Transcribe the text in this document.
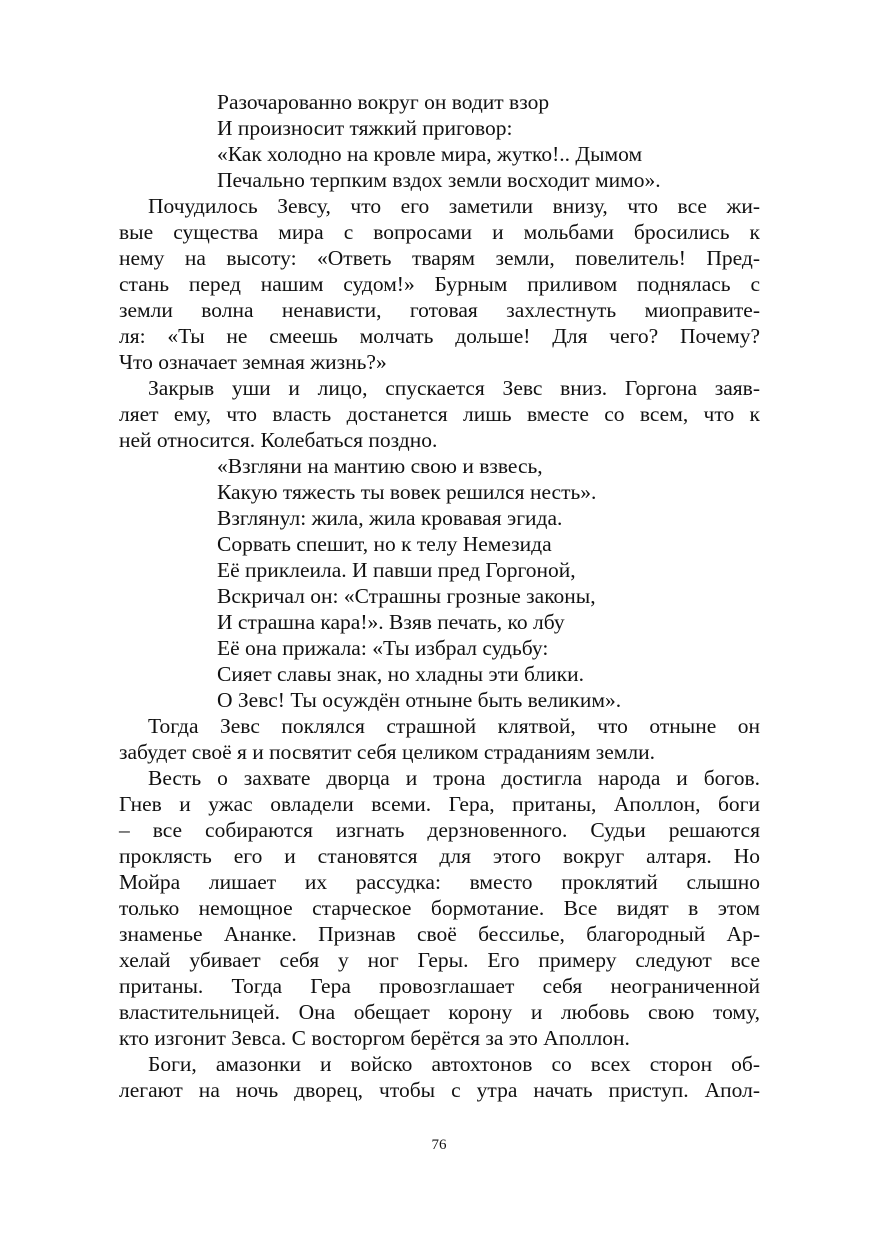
Разочарованно вокруг он водит взор
И произносит тяжкий приговор:
«Как холодно на кровле мира, жутко!.. Дымом
Печально терпким вздох земли восходит мимо».
Почудилось Зевсу, что его заметили внизу, что все жи-
вые существа мира с вопросами и мольбами бросились к
нему на высоту: «Ответь тварям земли, повелитель! Пред-
стань перед нашим судом!» Бурным приливом поднялась с
земли волна ненависти, готовая захлестнуть миоправите-
ля: «Ты не смеешь молчать дольше! Для чего? Почему?
Что означает земная жизнь?»
Закрыв уши и лицо, спускается Зевс вниз. Горгона заяв-
ляет ему, что власть достанется лишь вместе со всем, что к
ней относится. Колебаться поздно.
«Взгляни на мантию свою и взвесь,
Какую тяжесть ты вовек решился несть».
Взглянул: жила, жила кровавая эгида.
Сорвать спешит, но к телу Немезида
Её приклеила. И павши пред Горгоной,
Вскричал он: «Страшны грозные законы,
И страшна кара!». Взяв печать, ко лбу
Её она прижала: «Ты избрал судьбу:
Сияет славы знак, но хладны эти блики.
О Зевс! Ты осуждён отныне быть великим».
Тогда Зевс поклялся страшной клятвой, что отныне он
забудет своё я и посвятит себя целиком страданиям земли.
Весть о захвате дворца и трона достигла народа и богов.
Гнев и ужас овладели всеми. Гера, пританы, Аполлон, боги
– все собираются изгнать дерзновенного. Судьи решаются
проклясть его и становятся для этого вокруг алтаря. Но
Мойра лишает их рассудка: вместо проклятий слышно
только немощное старческое бормотание. Все видят в этом
знаменье Ананке. Признав своё бессилье, благородный Ар-
хелай убивает себя у ног Геры. Его примеру следуют все
пританы. Тогда Гера провозглашает себя неограниченной
властительницей. Она обещает корону и любовь свою тому,
кто изгонит Зевса. С восторгом берётся за это Аполлон.
Боги, амазонки и войско автохтонов со всех сторон об-
легают на ночь дворец, чтобы с утра начать приступ. Апол-
76
